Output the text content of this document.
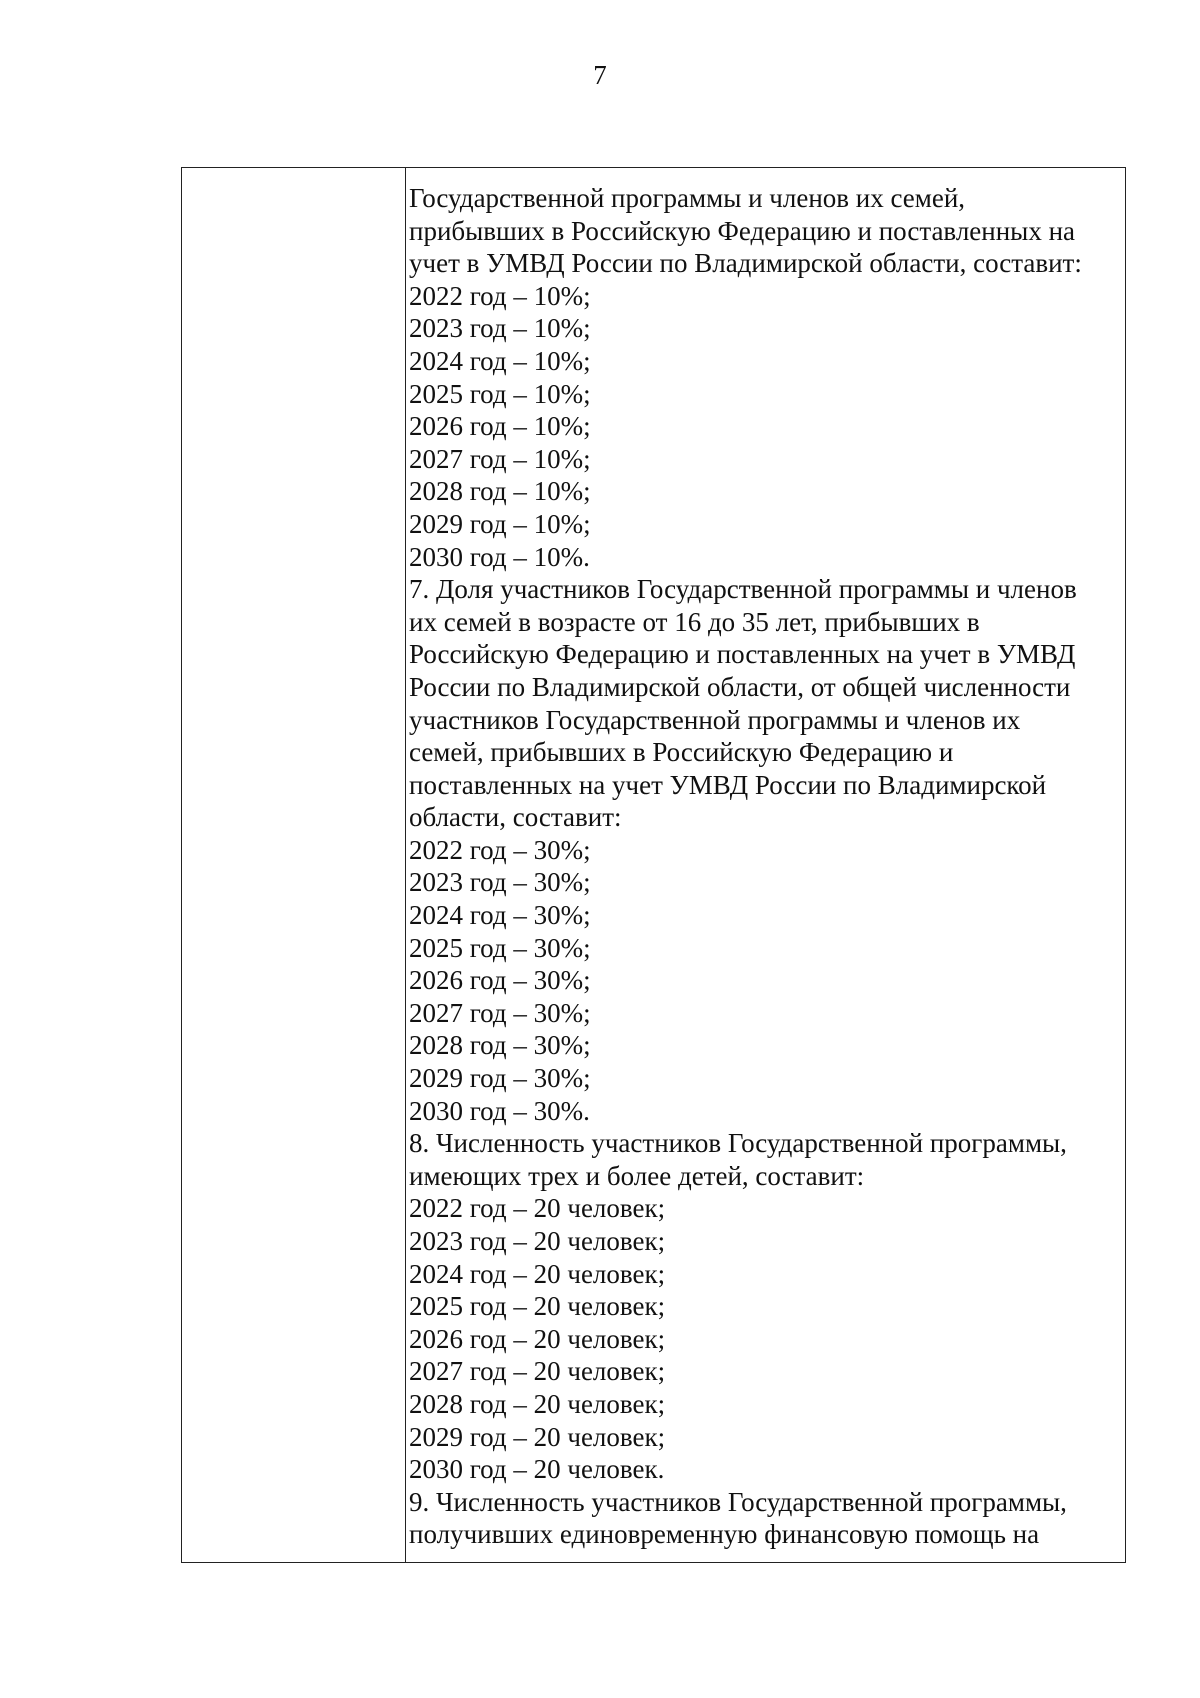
7
Государственной программы и членов их семей,
прибывших в Российскую Федерацию и поставленных на
учет в УМВД России по Владимирской области, составит:
2022 год – 10%;
2023 год – 10%;
2024 год – 10%;
2025 год – 10%;
2026 год – 10%;
2027 год – 10%;
2028 год – 10%;
2029 год – 10%;
2030 год – 10%.
7. Доля участников Государственной программы и членов
их семей в возрасте от 16 до 35 лет, прибывших в
Российскую Федерацию и поставленных на учет в УМВД
России по Владимирской области, от общей численности
участников Государственной программы и членов их
семей, прибывших в Российскую Федерацию и
поставленных на учет УМВД России по Владимирской
области, составит:
2022 год – 30%;
2023 год – 30%;
2024 год – 30%;
2025 год – 30%;
2026 год – 30%;
2027 год – 30%;
2028 год – 30%;
2029 год – 30%;
2030 год – 30%.
8. Численность участников Государственной программы,
имеющих трех и более детей, составит:
2022 год – 20 человек;
2023 год – 20 человек;
2024 год – 20 человек;
2025 год – 20 человек;
2026 год – 20 человек;
2027 год – 20 человек;
2028 год – 20 человек;
2029 год – 20 человек;
2030 год – 20 человек.
9. Численность участников Государственной программы,
получивших единовременную финансовую помощь на
